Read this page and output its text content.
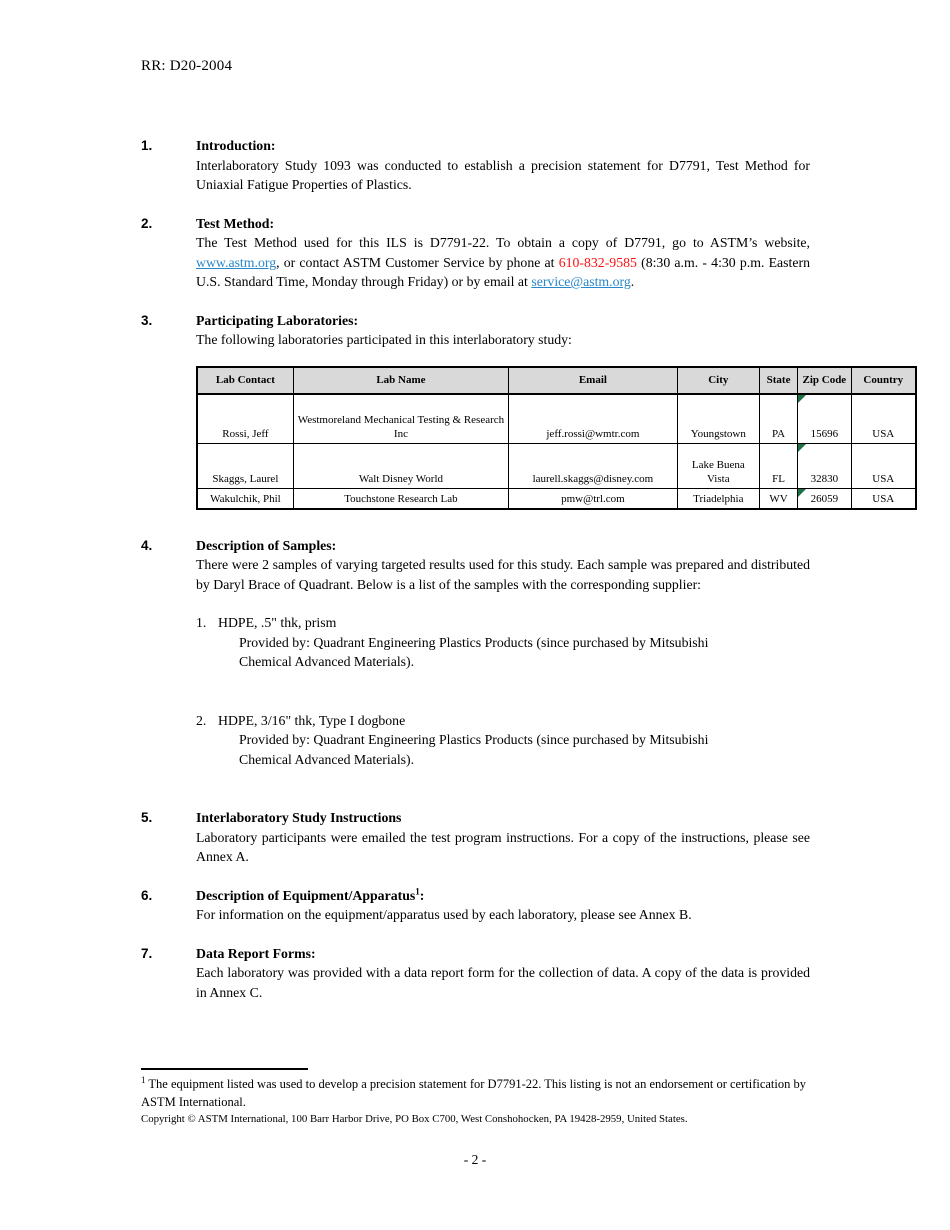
RR: D20-2004
1.	Introduction:

Interlaboratory Study 1093 was conducted to establish a precision statement for D7791, Test Method for Uniaxial Fatigue Properties of Plastics.

2.	Test Method:

The Test Method used for this ILS is D7791-22. To obtain a copy of D7791, go to ASTM’s website, www.astm.org, or contact ASTM Customer Service by phone at 610-832-9585 (8:30 a.m. - 4:30 p.m. Eastern U.S. Standard Time, Monday through Friday) or by email at service@astm.org.

3.	Participating Laboratories:

The following laboratories participated in this interlaboratory study:

Lab Contact	Lab Name	Email	City	State	Zip Code	Country
Rossi, Jeff	Westmoreland Mechanical Testing & Research Inc	jeff.rossi@wmtr.com	Youngstown	PA	15696	USA
Skaggs, Laurel	Walt Disney World	laurell.skaggs@disney.com	Lake Buena Vista	FL	32830	USA
Wakulchik, Phil	Touchstone Research Lab	pmw@trl.com	Triadelphia	WV	26059	USA
4.	Description of Samples:

There were 2 samples of varying targeted results used for this study. Each sample was prepared and distributed by Daryl Brace of Quadrant. Below is a list of the samples with the corresponding supplier:

1. HDPE, .5" thk, prism
Provided by: Quadrant Engineering Plastics Products (since purchased by Mitsubishi Chemical Advanced Materials).
2. HDPE, 3/16" thk, Type I dogbone
Provided by: Quadrant Engineering Plastics Products (since purchased by Mitsubishi Chemical Advanced Materials).
5.	Interlaboratory Study Instructions

Laboratory participants were emailed the test program instructions. For a copy of the instructions, please see Annex A.

6.	Description of Equipment/Apparatus$^1$:

For information on the equipment/apparatus used by each laboratory, please see Annex B.

7.	Data Report Forms:

Each laboratory was provided with a data report form for the collection of data. A copy of the data is provided in Annex C.

$^1$ The equipment listed was used to develop a precision statement for D7791-22. This listing is not an endorsement or certification by ASTM International.
Copyright © ASTM International, 100 Barr Harbor Drive, PO Box C700, West Conshohocken, PA 19428-2959, United States.
- 2 -
